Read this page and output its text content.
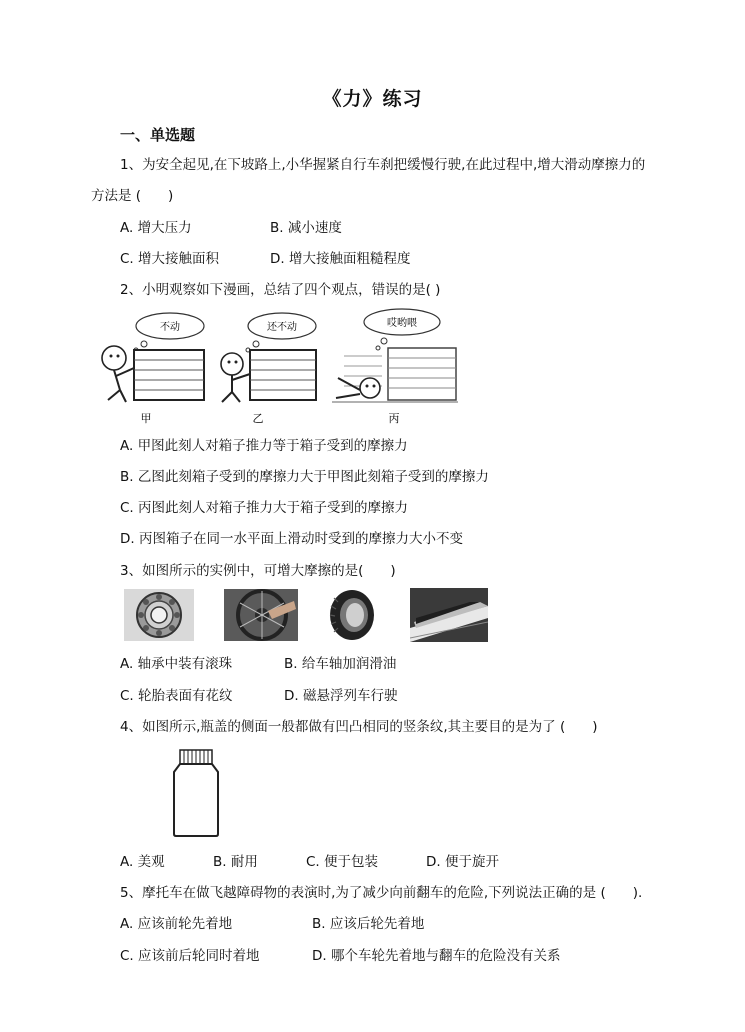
《力》练习
一、单选题
1、为安全起见,在下坡路上,小华握紧自行车刹把缓慢行驶,在此过程中,增大滑动摩擦力的
方法是 (　　)
A. 增大压力	B. 减小速度
C. 增大接触面积	D. 增大接触面粗糙程度
2、小明观察如下漫画，总结了四个观点，错误的是( )
不动	还不动	哎哟喂
甲	乙	丙
A. 甲图此刻人对箱子推力等于箱子受到的摩擦力
B. 乙图此刻箱子受到的摩擦力大于甲图此刻箱子受到的摩擦力
C. 丙图此刻人对箱子推力大于箱子受到的摩擦力
D. 丙图箱子在同一水平面上滑动时受到的摩擦力大小不变
3、如图所示的实例中，可增大摩擦的是(　　)
A. 轴承中装有滚珠	B. 给车轴加润滑油
C. 轮胎表面有花纹	D. 磁悬浮列车行驶
4、如图所示,瓶盖的侧面一般都做有凹凸相同的竖条纹,其主要目的是为了 (　　)
A. 美观	B. 耐用	C. 便于包装	D. 便于旋开
5、摩托车在做飞越障碍物的表演时,为了减少向前翻车的危险,下列说法正确的是 (　　).
A. 应该前轮先着地	B. 应该后轮先着地
C. 应该前后轮同时着地	D. 哪个车轮先着地与翻车的危险没有关系
